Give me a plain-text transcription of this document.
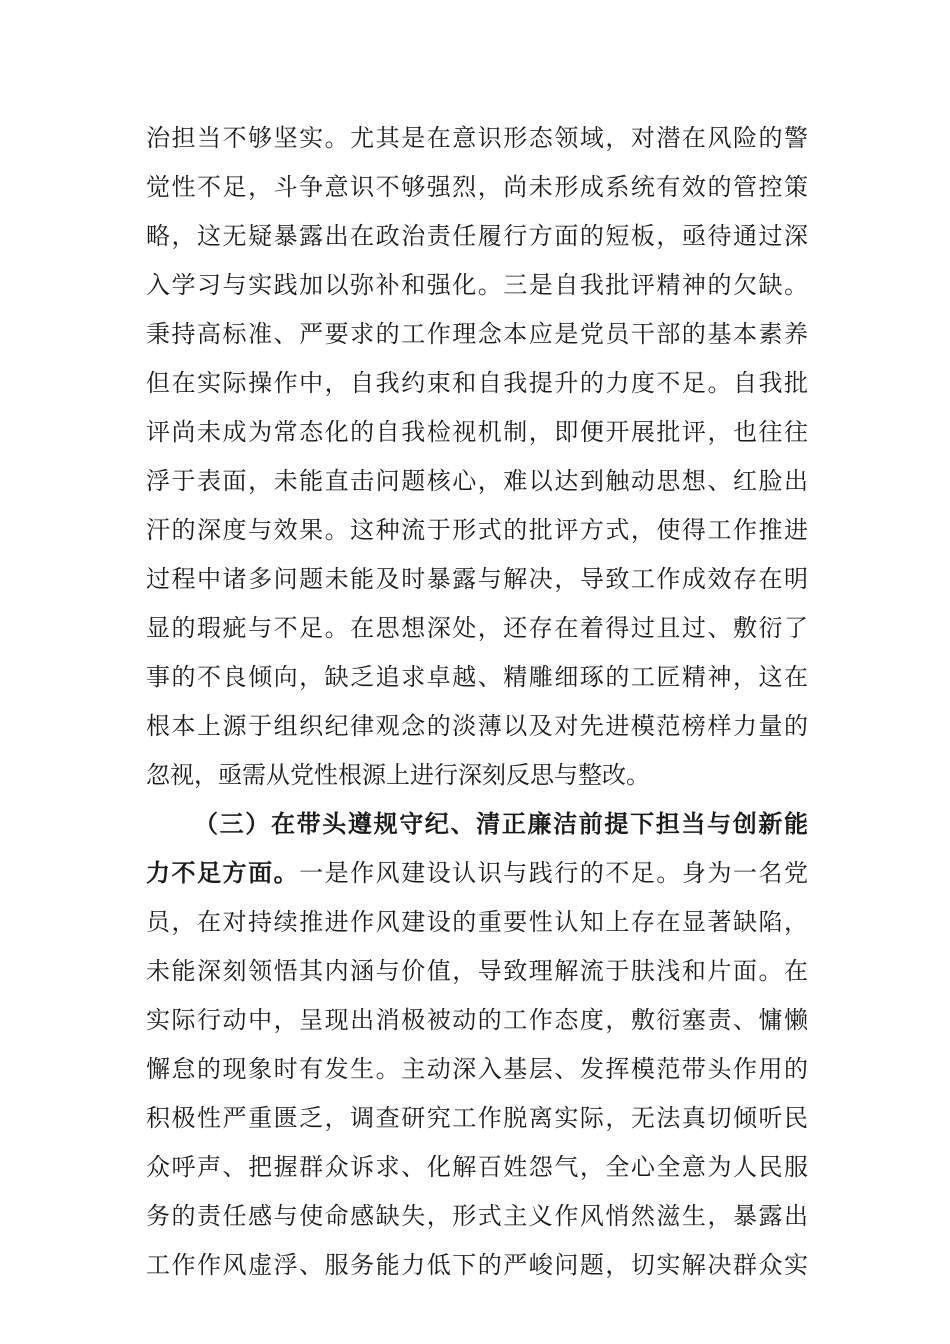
治担当不够坚实。尤其是在意识形态领域，对潜在风险的警
觉性不足，斗争意识不够强烈，尚未形成系统有效的管控策
略，这无疑暴露出在政治责任履行方面的短板，亟待通过深
入学习与实践加以弥补和强化。三是自我批评精神的欠缺。
秉持高标准、严要求的工作理念本应是党员干部的基本素养
但在实际操作中，自我约束和自我提升的力度不足。自我批
评尚未成为常态化的自我检视机制，即便开展批评，也往往
浮于表面，未能直击问题核心，难以达到触动思想、红脸出
汗的深度与效果。这种流于形式的批评方式，使得工作推进
过程中诸多问题未能及时暴露与解决，导致工作成效存在明
显的瑕疵与不足。在思想深处，还存在着得过且过、敷衍了
事的不良倾向，缺乏追求卓越、精雕细琢的工匠精神，这在
根本上源于组织纪律观念的淡薄以及对先进模范榜样力量的
忽视，亟需从党性根源上进行深刻反思与整改。
（三）在带头遵规守纪、清正廉洁前提下担当与创新能
力不足方面。一是作风建设认识与践行的不足。身为一名党
员，在对持续推进作风建设的重要性认知上存在显著缺陷，
未能深刻领悟其内涵与价值，导致理解流于肤浅和片面。在
实际行动中，呈现出消极被动的工作态度，敷衍塞责、慵懒
懈怠的现象时有发生。主动深入基层、发挥模范带头作用的
积极性严重匮乏，调查研究工作脱离实际，无法真切倾听民
众呼声、把握群众诉求、化解百姓怨气，全心全意为人民服
务的责任感与使命感缺失，形式主义作风悄然滋生，暴露出
工作作风虚浮、服务能力低下的严峻问题，切实解决群众实
